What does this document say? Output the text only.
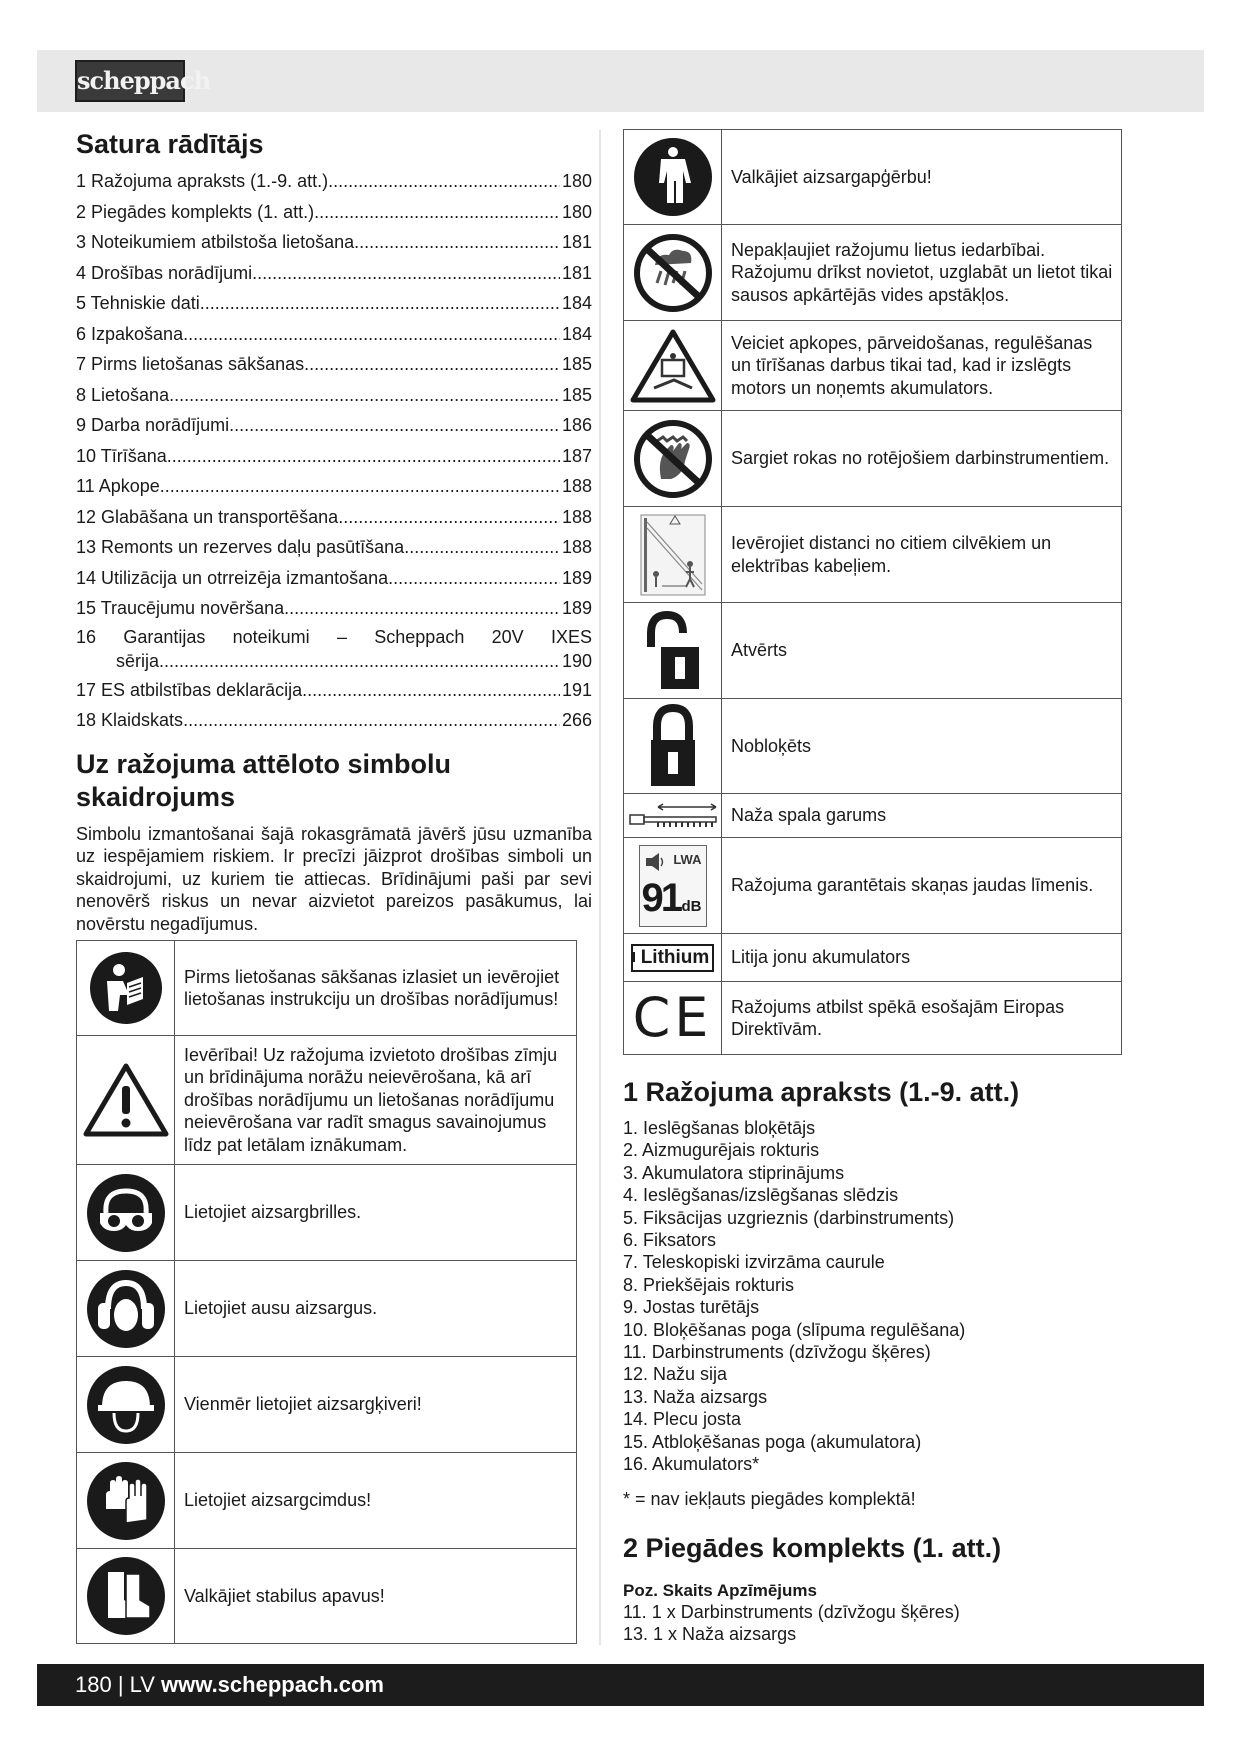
scheppach
Satura rādītājs
1 Ražojuma apraksts (1.-9. att.) .....	180
2 Piegādes komplekts (1. att.) .....	180
3 Noteikumiem atbilstoša lietošana .....	181
4 Drošības norādījumi .....	181
5 Tehniskie dati .....	184
6 Izpakošana .....	184
7 Pirms lietošanas sākšanas .....	185
8 Lietošana .....	185
9 Darba norādījumi .....	186
10 Tīrīšana .....	187
11 Apkope .....	188
12 Glabāšana un transportēšana .....	188
13 Remonts un rezerves daļu pasūtīšana .....	188
14 Utilizācija un otrreizēja izmantošana .....	189
15 Traucējumu novēršana .....	189
16 Garantijas noteikumi – Scheppach 20V IXES
sērija .....	190
17 ES atbilstības deklarācija .....	191
18 Klaidskats .....	266
Uz ražojuma attēloto simbolu skaidrojums

Simbolu izmantošanai šajā rokasgrāmatā jāvērš jūsu uzmanība uz iespējamiem riskiem. Ir precīzi jāizprot drošības simboli un skaidrojumi, uz kuriem tie attiecas. Brīdinājumi paši par sevi nenovērš riskus un nevar aizvietot pareizos pasākumus, lai novērstu negadījumus.

	Pirms lietošanas sākšanas izlasiet un ievērojiet lietošanas instrukciju un drošības norādījumus!

	Ievērībai! Uz ražojuma izvietoto drošības zīmju un brīdinājuma norāžu neievērošana, kā arī drošības norādījumu un lietošanas norādījumu neievērošana var radīt smagus savainojumus līdz pat letālam iznākumam.

	Lietojiet aizsargbrilles.

	Lietojiet ausu aizsargus.

	Vienmēr lietojiet aizsargķiveri!

	Lietojiet aizsargcimdus!

	Valkājiet stabilus apavus!
	Valkājiet aizsargapģērbu!

	Nepakļaujiet ražojumu lietus iedarbībai. Ražojumu drīkst novietot, uzglabāt un lietot tikai sausos apkārtējās vides apstākļos.

	Veiciet apkopes, pārveidošanas, regulēšanas un tīrīšanas darbus tikai tad, kad ir izslēgts motors un noņemts akumulators.

	Sargiet rokas no rotējošiem darbinstrumentiem.

	Ievērojiet distanci no citiem cilvēkiem un elektrības kabeļiem.

	Atvērts

	Nobloķēts

	Naža spala garums

LWA
91 dB	Ražojuma garantētais skaņas jaudas līmenis.

Lithium	Litija jonu akumulators
CE	Ražojums atbilst spēkā esošajām Eiropas Direktīvām.
1 Ražojuma apraksts (1.-9. att.)
1. Ieslēgšanas bloķētājs
2. Aizmugurējais rokturis
3. Akumulatora stiprinājums
4. Ieslēgšanas/izslēgšanas slēdzis
5. Fiksācijas uzgrieznis (darbinstruments)
6. Fiksators
7. Teleskopiski izvirzāma caurule
8. Priekšējais rokturis
9. Jostas turētājs
10. Bloķēšanas poga (slīpuma regulēšana)
11. Darbinstruments (dzīvžogu šķēres)
12. Nažu sija
13. Naža aizsargs
14. Plecu josta
15. Atbloķēšanas poga (akumulatora)
16. Akumulators*

* = nav iekļauts piegādes komplektā!

2 Piegādes komplekts (1. att.)
Poz. Skaits Apzīmējums
11. 1 x Darbinstruments (dzīvžogu šķēres)
13. 1 x Naža aizsargs
180 | LV www.scheppach.com
